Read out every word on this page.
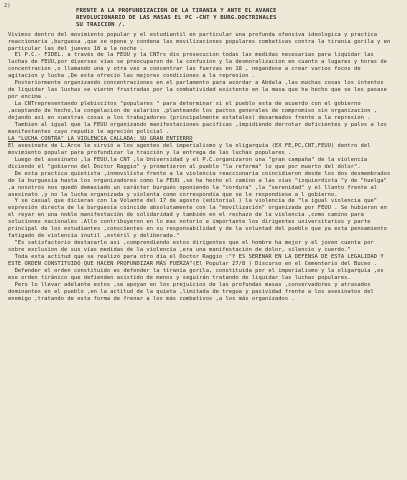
2)
FRENTE A LA PROFUNDIZACION DE LA TIRANIA Y ANTE EL AVANCE
REVOLUCIONARIO DE LAS MASAS EL PC -CNT Y BURG.DOCTRINALES
SU TRAICION /.

Vivimos dentro del movimiento popular y el estudiantil en particular una profunda ofensiva ideologica y practica reaccionaria ,burguesa ,que se opone y condena las movilizaciones populares combativas contra la tiranía gorila y en particular las del jueves 18 a la noche .

El P.C.- FIDEL. a través de la FEUU y la CNTrs dio prosecucion todas las medidas necesarias para liquidar las luchas de FEUU,por diversas vias se preocuparon de la confusion y la desmoralizacion en cuanto a lugares y horas de concentracion ,o llamando una y otra vez a concentrar las fuerzas en 18 , negandose a crear varios focos de agitacion y lucha ,De esta ofrecio las mejores condiciones a la represion .

Posteriormente organizando concentraciones en el parlamento para acordar a Abdala ,las muchas cosas los intentos de liquidar las luchas se vieron frustradas por la combatividad existente en la masa que ha hecho que se les pasase por encima .

La CNTrepresentando plebiscitos "populares " para determinar si el pueblo esta de acuerdo con el gobierno ,aceptando de hecho,la congelacion de salarios ,planteando los pactos generales de compromiso sin organizacion , dejando asi en vuestras cosas a los trabajadores (principalmente estatales) desarmados frente a la represion .

Tambien al igual que la FEUU organizando manifestaciones pacificas ,impidiendo derrotar deficientes y palos a los manifestantes cuyo repudio le agreción policial .

LA "LUCHA CONTRA" LA VIOLENCIA CALLADA: SU GRAN ENTIERRO

El asesinato de L.Arce le sirvió a los agentes del imperialismo y la oligarquía (EX FE,PC,CNT,FEUU) dentro del movimiento popular para profundizar la traición y la entrega de las luchas populares .

Luego del asesinato ,la FEUU,la CNT ,la Universidad y el P.C.organizaron una "gran campaña" de la violencia diciendo el "gobierno del Doctor Raggio" y prometieron al pueblo "la reforma" lo que por muerto del dolor".

De esta practica quietista ,inmovilista frente a la violencia reaccionaria coincidieron desde los dos desmembrados de la burguesía hasta los organizadores como la FEUU ,se ha hecho el camino a las vías "izquierdista "y de "huelga" ,a nosotros nos quedó demasiado un carácter burgués oponiendo la "cordura" ,la "serenidad" y el llanto frente al asesinato ,y no la lucha organizada y violenta como correspondía que se le respondiese a l gobierno.

Y se casual que dicieran con la Volante del 17 de agosto (editorial ) la violencia de "la igual violencia que" expresión directa de la burguesía coincide absolutamente con la "movilización" organizada por FEUU . Se hubieron en el reyar en una noble manifestación de solidaridad y también en el rechazo de la violencia ,como camino para soluciones nacionales .Allo contribuyeron en lo mas notorio e importante los dirigentes universitarios y parte principal de los estudiantes ,conscientes en su responsabilidad y de la voluntad del pueblo que ya esta pensamiento fatigado de violencia inutil ,estéril y deliberada."

"Es satisfactorio destacarlo asi ,comprendiendo estos dirigentes que el hombre ha mejor y el joven cuenta por sobre exclusion de sus vías medidas de la violencia ,era una manifestación de dolor, silencio y cuerdo."

Toda esta actitud que se realizó para otro día el Doctor Raggio :"Y ES SERENAR EN LA DEFENSA DE ESTA LEGALIDAD Y ESTE ORDEN CONSTITUIDO QUE HACEN PROFUNDIZAR MÁS FUERZA"(El Popular 27/8 ) Discurso en el Cementerio del Buceo .

Defender el orden constituido es defender la tiranía gorila, constituida por el imperialismo y la oligarquía ,es ese orden tiránico que defienden asistido de menos y seguirán tratando de liquidar las luchas populares.

Pero lo llevar adelante estos ,se apoyan en los prejuicios de las profundas masas ,conservadores y atrasados dominantes en el pueblo ,en la actitud de la quieta ,limitada de tregua y pasividad frente a los asesinatos del enemigo ,tratando de esta forma de frenar a los más combativos ,a los más organizados .
